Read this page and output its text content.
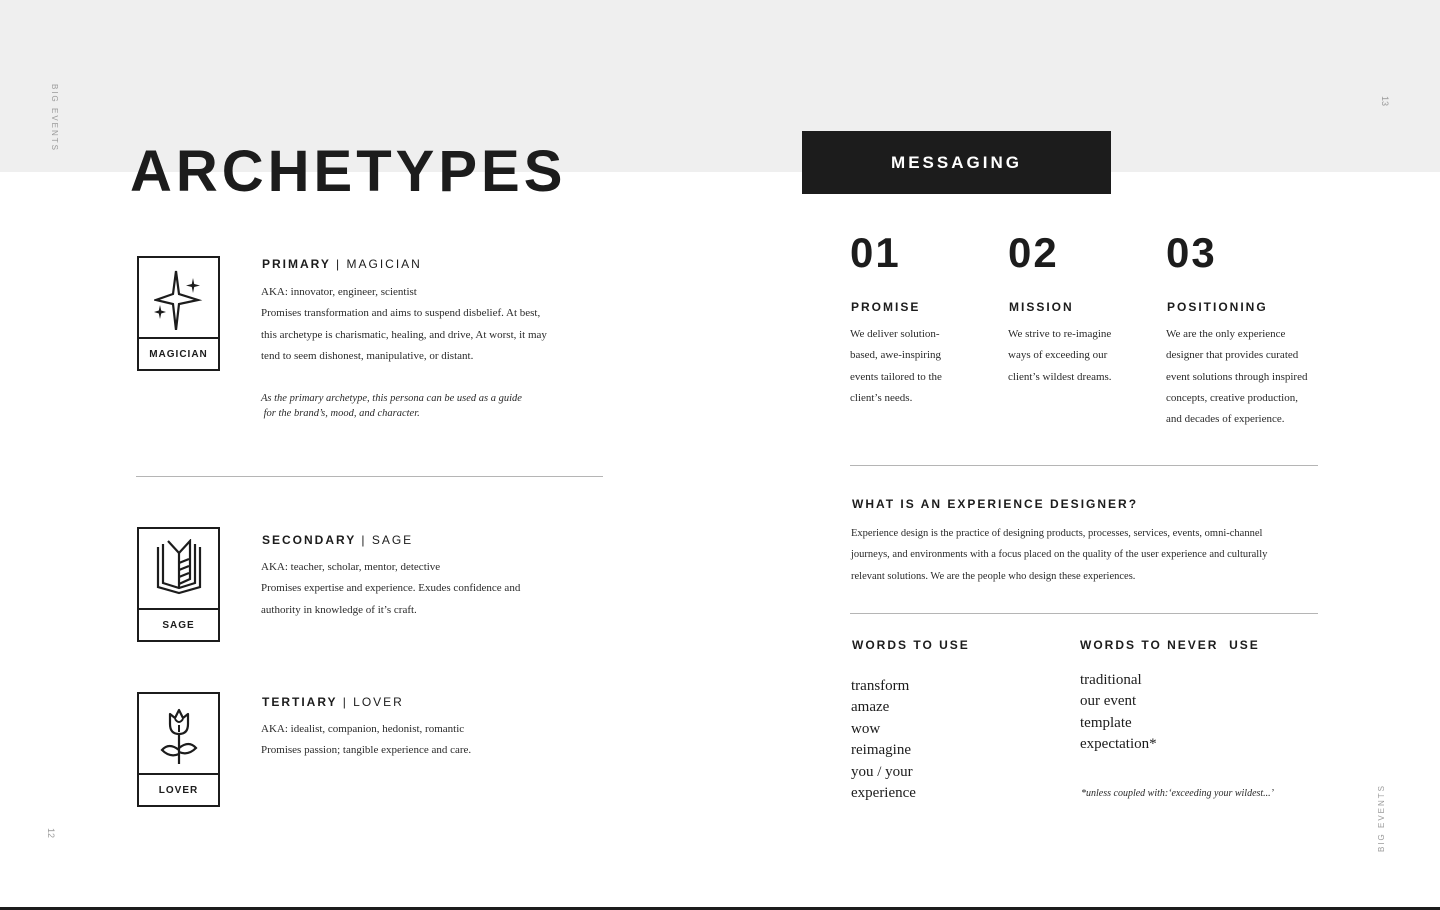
BIG EVENTS	13
ARCHETYPES
MAGICIAN
PRIMARY | MAGICIAN

AKA: innovator, engineer, scientist

Promises transformation and aims to suspend disbelief. At best,

this archetype is charismatic, healing, and drive, At worst, it may

tend to seem dishonest, manipulative, or distant.

As the primary archetype, this persona can be used as a guide
for the brand’s, mood, and character.
SAGE
SECONDARY | SAGE

AKA: teacher, scholar, mentor, detective

Promises expertise and experience. Exudes confidence and

authority in knowledge of it’s craft.

LOVER
TERTIARY | LOVER

AKA: idealist, companion, hedonist, romantic

Promises passion; tangible experience and care.

12
MESSAGING
01
PROMISE
We deliver solution-
based, awe-inspiring
events tailored to the
client’s needs.
02
MISSION
We strive to re-imagine
ways of exceeding our
client’s wildest dreams.
03
POSITIONING
We are the only experience
designer that provides curated
event solutions through inspired
concepts, creative production,
and decades of experience.
WHAT IS AN EXPERIENCE DESIGNER?
Experience design is the practice of designing products, processes, services, events, omni-channel
journeys, and environments with a focus placed on the quality of the user experience and culturally
relevant solutions. We are the people who design these experiences.
WORDS TO USE
transform
amaze
wow
reimagine
you / your
experience
WORDS TO NEVER  USE
traditional
our event
template
expectation*

*unless coupled with:‘exceeding your wildest...’	BIG EVENTS
